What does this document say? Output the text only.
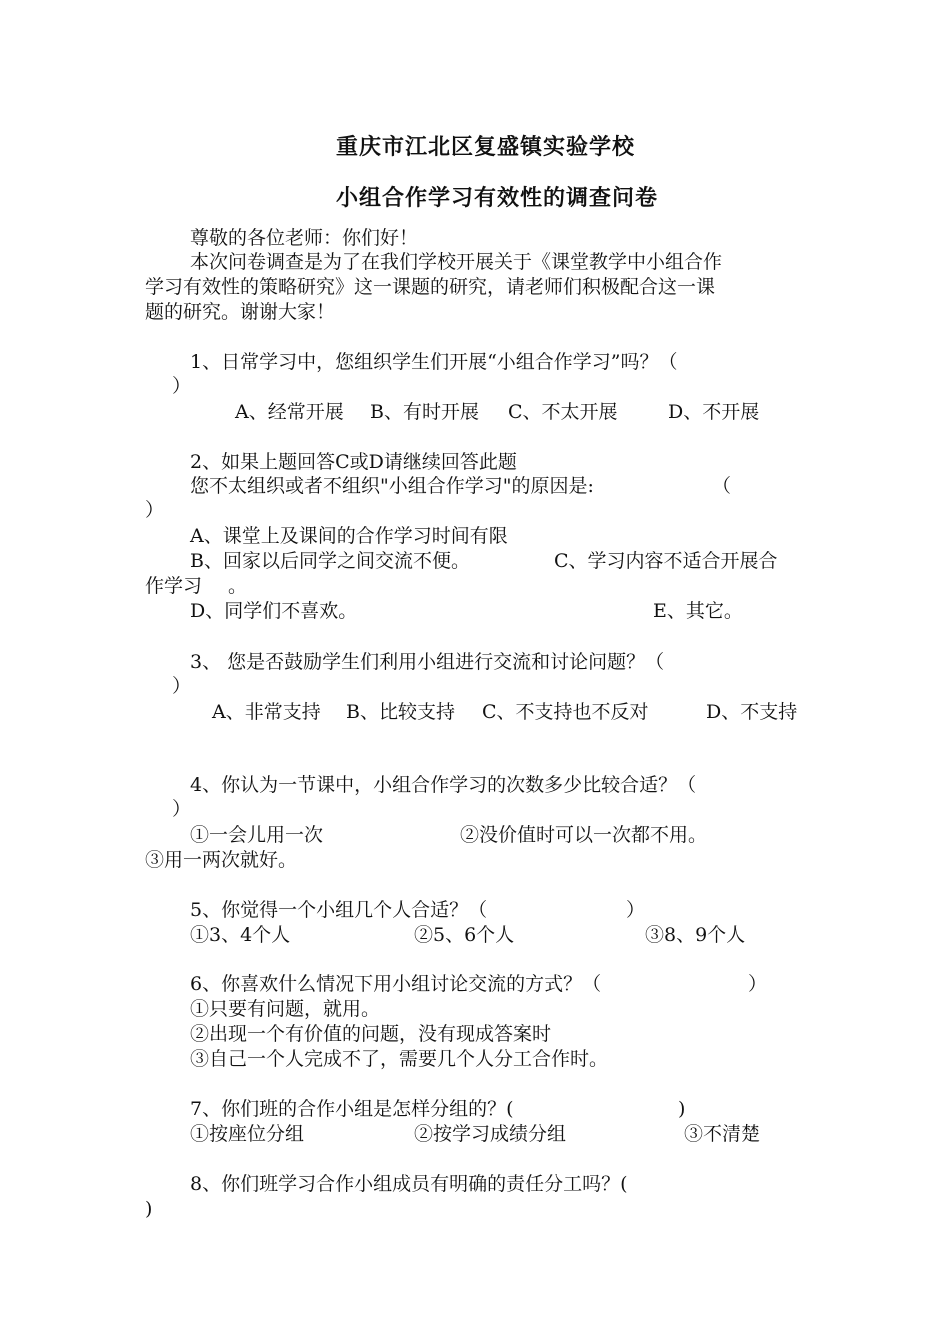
重庆市江北区复盛镇实验学校
小组合作学习有效性的调查问卷
尊敬的各位老师：你们好！
本次问卷调查是为了在我们学校开展关于《课堂教学中小组合作
学习有效性的策略研究》这一课题的研究，请老师们积极配合这一课
题的研究。谢谢大家！
1、日常学习中，您组织学生们开展“小组合作学习”吗？（
）
A、经常开展 B、有时开展 C、不太开展	D、不开展
2、如果上题回答C或D请继续回答此题
您不太组织或者不组织"小组合作学习"的原因是:	（
）
A、课堂上及课间的合作学习时间有限
B、回家以后同学之间交流不便。	C、学习内容不适合开展合
作学习 。
D、同学们不喜欢。	E、其它。
3、 您是否鼓励学生们利用小组进行交流和讨论问题？（
）
A、非常支持 B、比较支持 C、不支持也不反对	D、不支持
4、你认为一节课中，小组合作学习的次数多少比较合适？（
）
①一会儿用一次	②没价值时可以一次都不用。
③用一两次就好。
5、你觉得一个小组几个人合适？（	）
①3、4个人	②5、6个人	③8、9个人
6、你喜欢什么情况下用小组讨论交流的方式？（	）
①只要有问题，就用。
②出现一个有价值的问题，没有现成答案时
③自己一个人完成不了，需要几个人分工合作时。
7、你们班的合作小组是怎样分组的？(	)
①按座位分组	②按学习成绩分组	③不清楚
8、你们班学习合作小组成员有明确的责任分工吗？(
)
